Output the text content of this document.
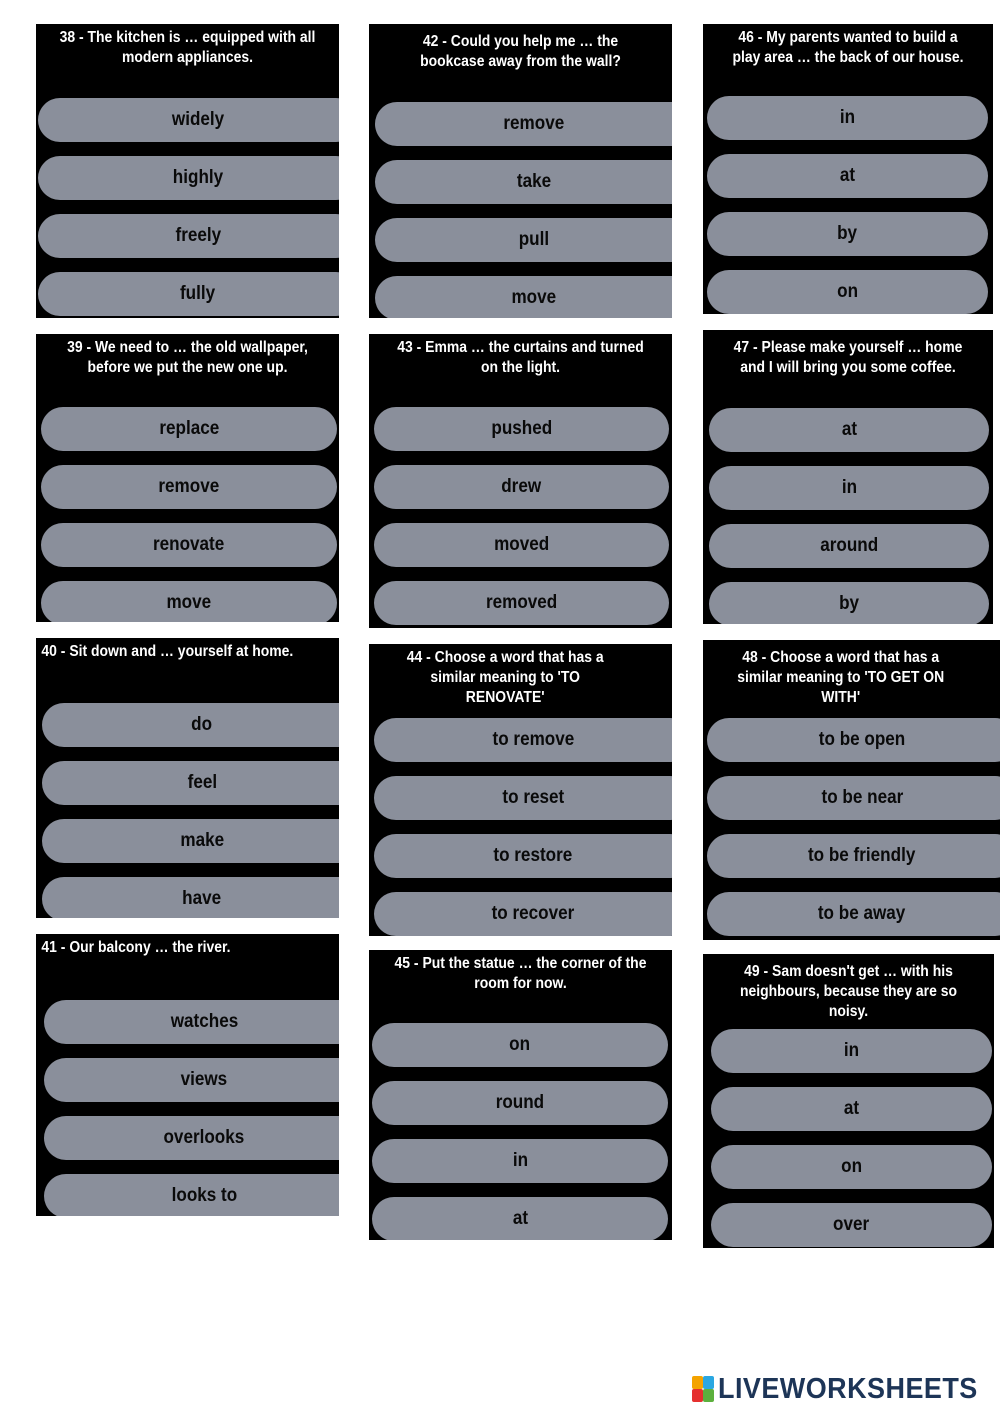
38 - The kitchen is … equipped with all modern appliances.
widely
highly
freely
fully
39 - We need to … the old wallpaper, before we put the new one up.
replace
remove
renovate
move
40 - Sit down and … yourself at home.
do
feel
make
have
41 - Our balcony … the river.
watches
views
overlooks
looks to
42 - Could you help me … the bookcase away from the wall?
remove
take
pull
move
43 - Emma … the curtains and turned on the light.
pushed
drew
moved
removed
44 - Choose a word that has a similar meaning to 'TO RENOVATE'
to remove
to reset
to restore
to recover
45 - Put the statue … the corner of the room for now.
on
round
in
at
46 - My parents wanted to build a play area … the back of our house.
in
at
by
on
47 - Please make yourself … home and I will bring you some coffee.
at
in
around
by
48 - Choose a word that has a similar meaning to 'TO GET ON WITH'
to be open
to be near
to be friendly
to be away
49 - Sam doesn't get … with his neighbours, because they are so noisy.
in
at
on
over
LIVEWORKSHEETS
